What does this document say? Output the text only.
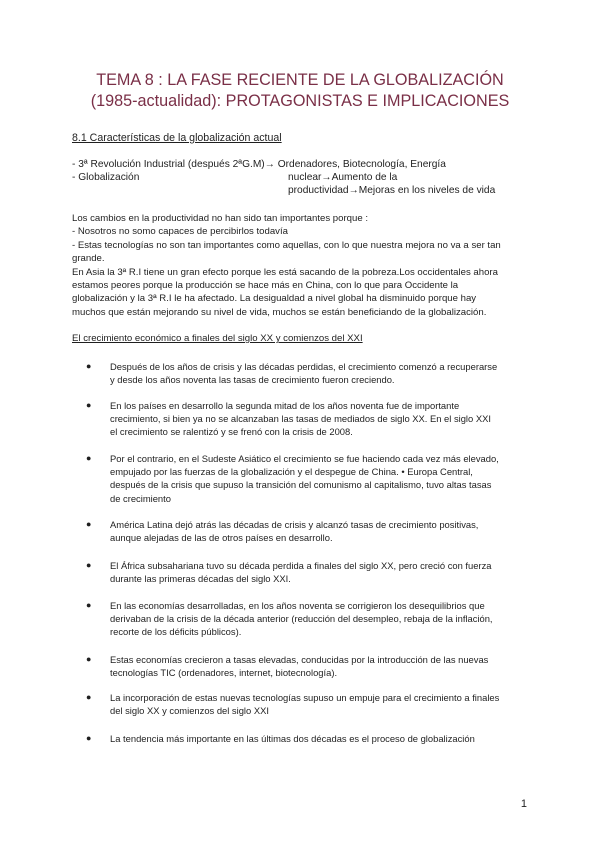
TEMA 8 : LA FASE RECIENTE DE LA GLOBALIZACIÓN
(1985-actualidad): PROTAGONISTAS E IMPLICACIONES
8.1 Características de la globalización actual
- 3ª Revolución Industrial (después 2ªG.M)→ Ordenadores, Biotecnología, Energía
- Globalización	nuclear→Aumento de la
productividad→Mejoras en los niveles de vida
Los cambios en la productividad no han sido tan importantes porque :
- Nosotros no somo capaces de percibirlos todavía
- Estas tecnologías no son tan importantes como aquellas, con lo que nuestra mejora no va a ser tan
grande.
En Asia la 3ª R.I tiene un gran efecto porque les está sacando de la pobreza.Los occidentales ahora
estamos peores porque la producción se hace más en China, con lo que para Occidente la
globalización y la 3ª R.I le ha afectado. La desigualdad a nivel global ha disminuido porque hay
muchos que están mejorando su nivel de vida, muchos se están beneficiando de la globalización.
El crecimiento económico a finales del siglo XX y comienzos del XXI
● Después de los años de crisis y las décadas perdidas, el crecimiento comenzó a recuperarse
y desde los años noventa las tasas de crecimiento fueron creciendo.
● En los países en desarrollo la segunda mitad de los años noventa fue de importante
crecimiento, si bien ya no se alcanzaban las tasas de mediados de siglo XX. En el siglo XXI
el crecimiento se ralentizó y se frenó con la crisis de 2008.
● Por el contrario, en el Sudeste Asiático el crecimiento se fue haciendo cada vez más elevado,
empujado por las fuerzas de la globalización y el despegue de China. • Europa Central,
después de la crisis que supuso la transición del comunismo al capitalismo, tuvo altas tasas
de crecimiento
● América Latina dejó atrás las décadas de crisis y alcanzó tasas de crecimiento positivas,
aunque alejadas de las de otros países en desarrollo.
● El África subsahariana tuvo su década perdida a finales del siglo XX, pero creció con fuerza
durante las primeras décadas del siglo XXI.
● En las economías desarrolladas, en los años noventa se corrigieron los desequilibrios que
derivaban de la crisis de la década anterior (reducción del desempleo, rebaja de la inflación,
recorte de los déficits públicos).
● Estas economías crecieron a tasas elevadas, conducidas por la introducción de las nuevas
tecnologías TIC (ordenadores, internet, biotecnología).
● La incorporación de estas nuevas tecnologías supuso un empuje para el crecimiento a finales
del siglo XX y comienzos del siglo XXI
● La tendencia más importante en las últimas dos décadas es el proceso de globalización
1
